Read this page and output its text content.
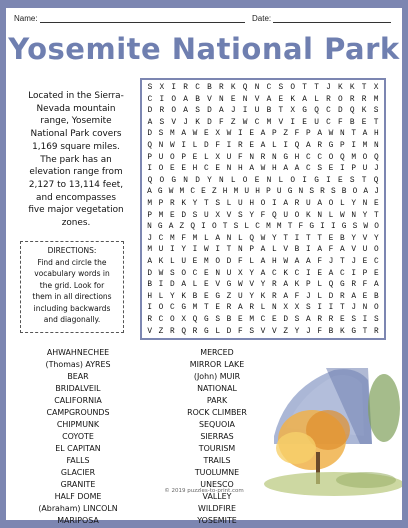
Name:	Date:
Yosemite National Park
Located in the Sierra-
Nevada mountain
range, Yosemite
National Park covers
1,169 square miles.
The park has an
elevation range from
2,127 to 13,114 feet,
and encompasses
five major vegetation
zones.
DIRECTIONS:
Find and circle the
vocabulary words in
the grid. Look for
them in all directions
including backwards
and diagonally.
S X I R C B R K Q N C S O T T J K K T X
C I O A B V N E N V A E K A L R O R R M
D R O A S D A J I U B T X G Q C D Q K S
A S V J K D F Z W C M V I E U C F B E T
D S M A W E X W I E A P Z F P A W N T A H
Q N W I L D F I R E A L I Q A R G P I M N
P U O P E L X U F N R N G H C C O Q M O Q
I O E E H C E N H A W H A A C S E I P U J
Q O G N D Y N L O E N L O I G I E S T Q
A G W M C E Z H M U H P U G N S R S B O A J
M P R K Y T S L U H O I A R U A O L Y N E
P M E D S U X V S Y F Q U O K N L W N Y T
N G A Z Q I O T S L C M M T F G I I G S W O
J C M F M L A N L Q W Y T I T T E B Y V Y
M U I Y I W I T N P A L V B I A F A V U O
A K L U E M O D F L A H W A A F J T J E C
D W S O C E N U X Y A C K C I E A C I P E
B I D A L E V G W V Y R A K P L Q G R F A
H L Y K B E G Z U Y K R A F J L D R A E B
I O C G M T E R A R L N X X S I I T J N O
R C O X Q G S B E M C E D S A R R E S I S
V Z R Q R G L D F S V V Z Y J F B K G T R
AHWAHNECHEE
(Thomas) AYRES
BEAR
BRIDALVEIL
CALIFORNIA
CAMPGROUNDS
CHIPMUNK
COYOTE
EL CAPITAN
FALLS
GLACIER
GRANITE
HALF DOME
(Abraham) LINCOLN
MARIPOSA
MERCED
MIRROR LAKE
(John) MUIR
NATIONAL
PARK
ROCK CLIMBER
SEQUOIA
SIERRAS
TOURISM
TRAILS
TUOLUMNE
UNESCO
VALLEY
WILDFIRE
YOSEMITE
© 2019 puzzles-to-print.com
